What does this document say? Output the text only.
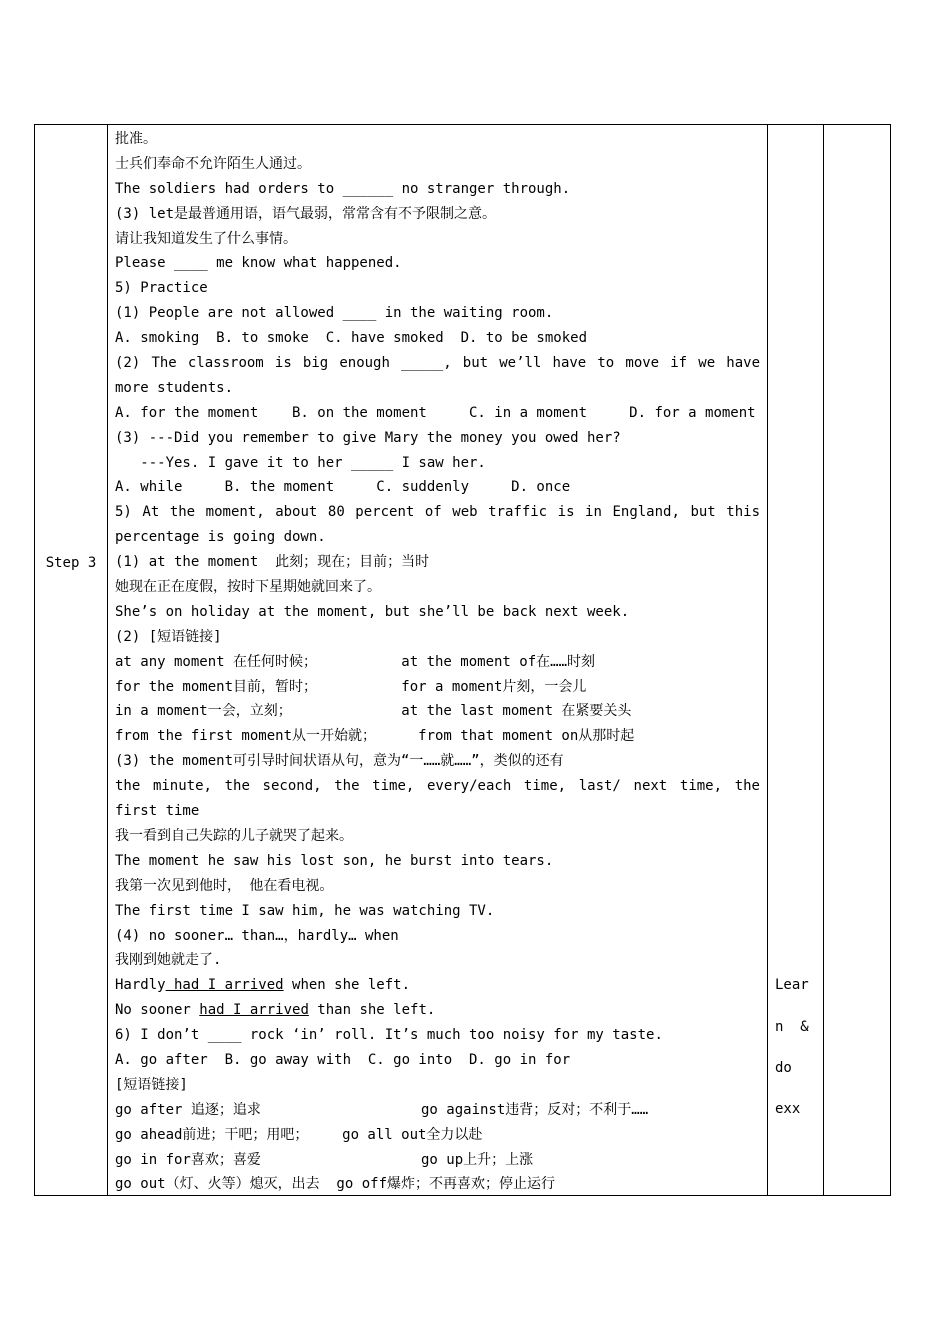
Step 3
批准。
士兵们奉命不允许陌生人通过。
The soldiers had orders to ______ no stranger through.
(3) let是最普通用语，语气最弱，常常含有不予限制之意。
请让我知道发生了什么事情。
Please ____ me know what happened.
5) Practice
(1) People are not allowed ____ in the waiting room.
A. smoking  B. to smoke  C. have smoked  D. to be smoked
(2) The classroom is big enough _____, but we’ll have to move if we have
more students.
A. for the moment    B. on the moment     C. in a moment     D. for a moment
(3) ---Did you remember to give Mary the money you owed her?
---Yes. I gave it to her _____ I saw her.
A. while     B. the moment     C. suddenly     D. once
5) At the moment, about 80 percent of web traffic is in England, but this
percentage is going down.
(1) at the moment  此刻；现在；目前；当时
她现在正在度假，按时下星期她就回来了。
She’s on holiday at the moment, but she’ll be back next week.
(2) [短语链接]
at any moment 在任何时候；          at the moment of在……时刻
for the moment目前，暂时；          for a moment片刻，一会儿
in a moment一会，立刻；             at the last moment 在紧要关头
from the first moment从一开始就；     from that moment on从那时起
(3) the moment可引导时间状语从句，意为“一……就……”，类似的还有
the minute, the second, the time, every/each time, last/ next time, the
first time
我一看到自己失踪的儿子就哭了起来。
The moment he saw his lost son, he burst into tears.
我第一次见到他时， 他在看电视。
The first time I saw him, he was watching TV.
(4) no sooner… than…，hardly… when
我刚到她就走了.
Hardly had I arrived when she left.
No sooner had I arrived than she left.
6) I don’t ____ rock ‘in’ roll. It’s much too noisy for my taste.
A. go after  B. go away with  C. go into  D. go in for
[短语链接]
go after 追逐；追求                   go against违背；反对；不利于……
go ahead前进；干吧；用吧；    go all out全力以赴
go in for喜欢；喜爱                   go up上升；上涨
go out（灯、火等）熄灭，出去  go off爆炸；不再喜欢；停止运行
Lear
n  &
do
exx
